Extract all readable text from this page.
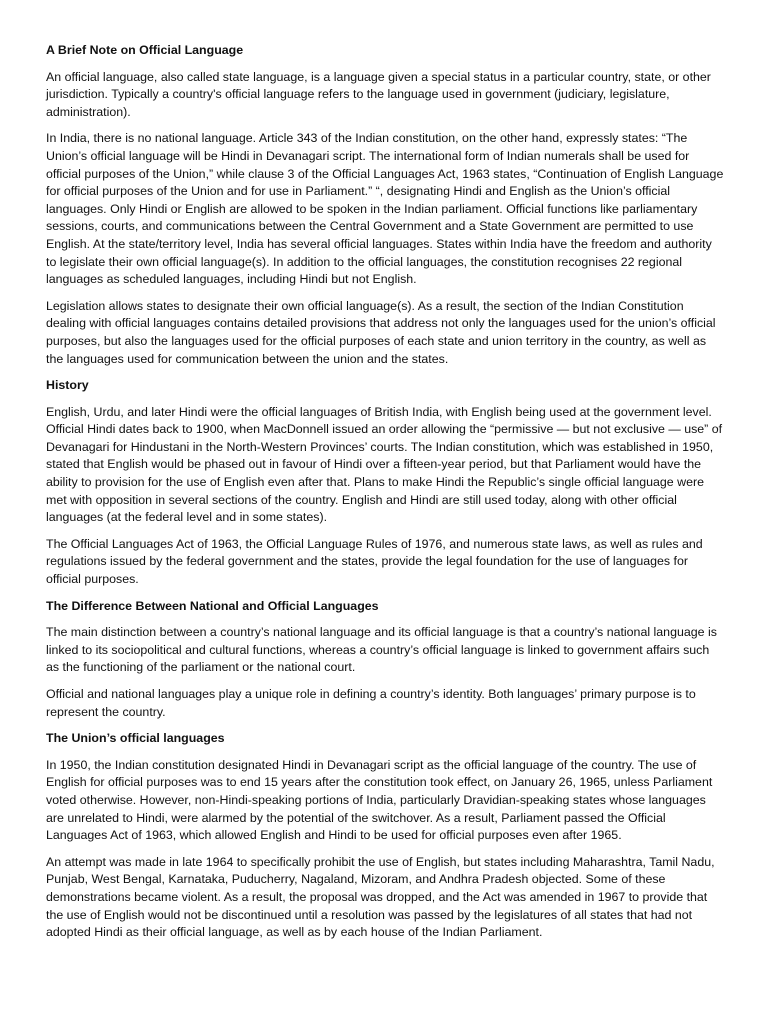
A Brief Note on Official Language

An official language, also called state language, is a language given a special status in a particular country, state, or other jurisdiction. Typically a country's official language refers to the language used in government (judiciary, legislature, administration).

In India, there is no national language. Article 343 of the Indian constitution, on the other hand, expressly states: “The Union’s official language will be Hindi in Devanagari script. The international form of Indian numerals shall be used for official purposes of the Union,” while clause 3 of the Official Languages Act, 1963 states, “Continuation of English Language for official purposes of the Union and for use in Parliament.” “, designating Hindi and English as the Union’s official languages. Only Hindi or English are allowed to be spoken in the Indian parliament. Official functions like parliamentary sessions, courts, and communications between the Central Government and a State Government are permitted to use English. At the state/territory level, India has several official languages. States within India have the freedom and authority to legislate their own official language(s). In addition to the official languages, the constitution recognises 22 regional languages as scheduled languages, including Hindi but not English.

Legislation allows states to designate their own official language(s). As a result, the section of the Indian Constitution dealing with official languages contains detailed provisions that address not only the languages used for the union’s official purposes, but also the languages used for the official purposes of each state and union territory in the country, as well as the languages used for communication between the union and the states.

History

English, Urdu, and later Hindi were the official languages of British India, with English being used at the government level. Official Hindi dates back to 1900, when MacDonnell issued an order allowing the “permissive — but not exclusive — use” of Devanagari for Hindustani in the North-Western Provinces’ courts. The Indian constitution, which was established in 1950, stated that English would be phased out in favour of Hindi over a fifteen-year period, but that Parliament would have the ability to provision for the use of English even after that. Plans to make Hindi the Republic’s single official language were met with opposition in several sections of the country. English and Hindi are still used today, along with other official languages (at the federal level and in some states).

The Official Languages Act of 1963, the Official Language Rules of 1976, and numerous state laws, as well as rules and regulations issued by the federal government and the states, provide the legal foundation for the use of languages for official purposes.

The Difference Between National and Official Languages

The main distinction between a country’s national language and its official language is that a country’s national language is linked to its sociopolitical and cultural functions, whereas a country’s official language is linked to government affairs such as the functioning of the parliament or the national court.

Official and national languages play a unique role in defining a country’s identity. Both languages’ primary purpose is to represent the country.

The Union’s official languages

In 1950, the Indian constitution designated Hindi in Devanagari script as the official language of the country. The use of English for official purposes was to end 15 years after the constitution took effect, on January 26, 1965, unless Parliament voted otherwise. However, non-Hindi-speaking portions of India, particularly Dravidian-speaking states whose languages are unrelated to Hindi, were alarmed by the potential of the switchover. As a result, Parliament passed the Official Languages Act of 1963, which allowed English and Hindi to be used for official purposes even after 1965.

An attempt was made in late 1964 to specifically prohibit the use of English, but states including Maharashtra, Tamil Nadu, Punjab, West Bengal, Karnataka, Puducherry, Nagaland, Mizoram, and Andhra Pradesh objected. Some of these demonstrations became violent. As a result, the proposal was dropped, and the Act was amended in 1967 to provide that the use of English would not be discontinued until a resolution was passed by the legislatures of all states that had not adopted Hindi as their official language, as well as by each house of the Indian Parliament.
